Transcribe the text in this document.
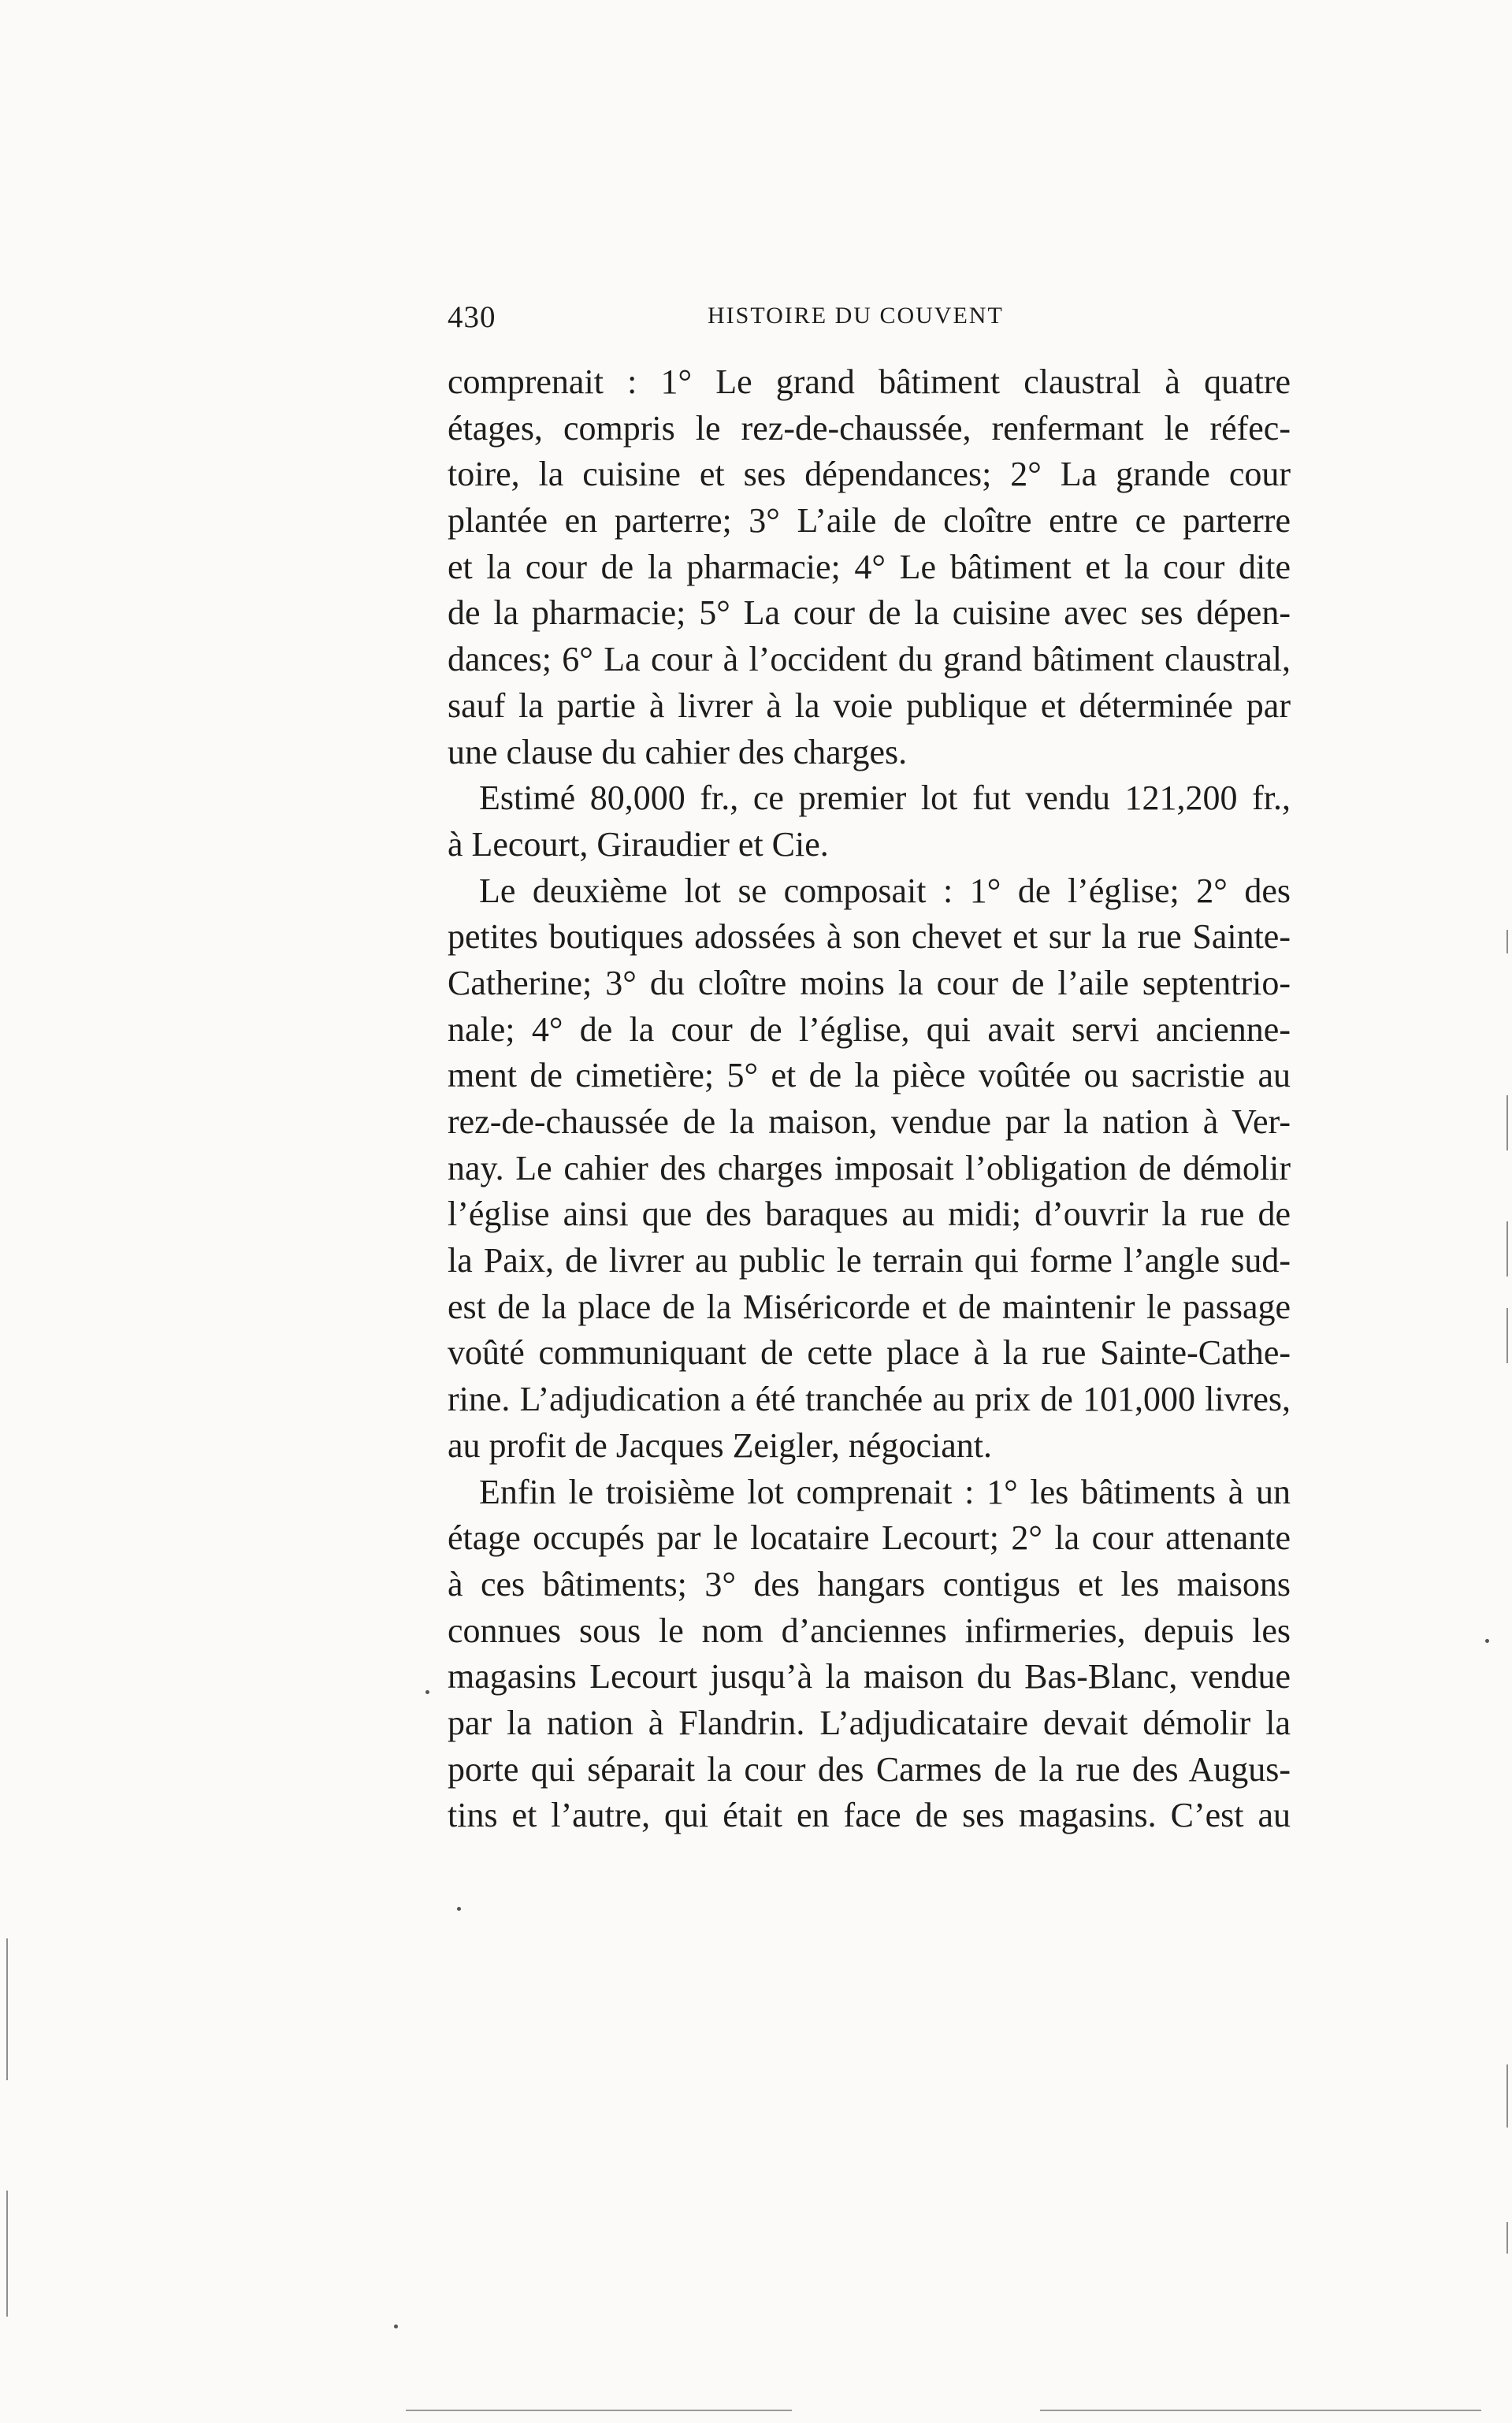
430	HISTOIRE DU COUVENT
comprenait : 1° Le grand bâtiment claustral à quatre
étages, compris le rez-de-chaussée, renfermant le réfec-
toire, la cuisine et ses dépendances; 2° La grande cour
plantée en parterre; 3° L’aile de cloître entre ce parterre
et la cour de la pharmacie; 4° Le bâtiment et la cour dite
de la pharmacie; 5° La cour de la cuisine avec ses dépen-
dances; 6° La cour à l’occident du grand bâtiment claustral,
sauf la partie à livrer à la voie publique et déterminée par
une clause du cahier des charges.
Estimé 80,000 fr., ce premier lot fut vendu 121,200 fr.,
à Lecourt, Giraudier et Cie.
Le deuxième lot se composait : 1° de l’église; 2° des
petites boutiques adossées à son chevet et sur la rue Sainte-
Catherine; 3° du cloître moins la cour de l’aile septentrio-
nale; 4° de la cour de l’église, qui avait servi ancienne-
ment de cimetière; 5° et de la pièce voûtée ou sacristie au
rez-de-chaussée de la maison, vendue par la nation à Ver-
nay. Le cahier des charges imposait l’obligation de démolir
l’église ainsi que des baraques au midi; d’ouvrir la rue de
la Paix, de livrer au public le terrain qui forme l’angle sud-
est de la place de la Miséricorde et de maintenir le passage
voûté communiquant de cette place à la rue Sainte-Cathe-
rine. L’adjudication a été tranchée au prix de 101,000 livres,
au profit de Jacques Zeigler, négociant.
Enfin le troisième lot comprenait : 1° les bâtiments à un
étage occupés par le locataire Lecourt; 2° la cour attenante
à ces bâtiments; 3° des hangars contigus et les maisons
connues sous le nom d’anciennes infirmeries, depuis les
magasins Lecourt jusqu’à la maison du Bas-Blanc, vendue
par la nation à Flandrin. L’adjudicataire devait démolir la
porte qui séparait la cour des Carmes de la rue des Augus-
tins et l’autre, qui était en face de ses magasins. C’est au
